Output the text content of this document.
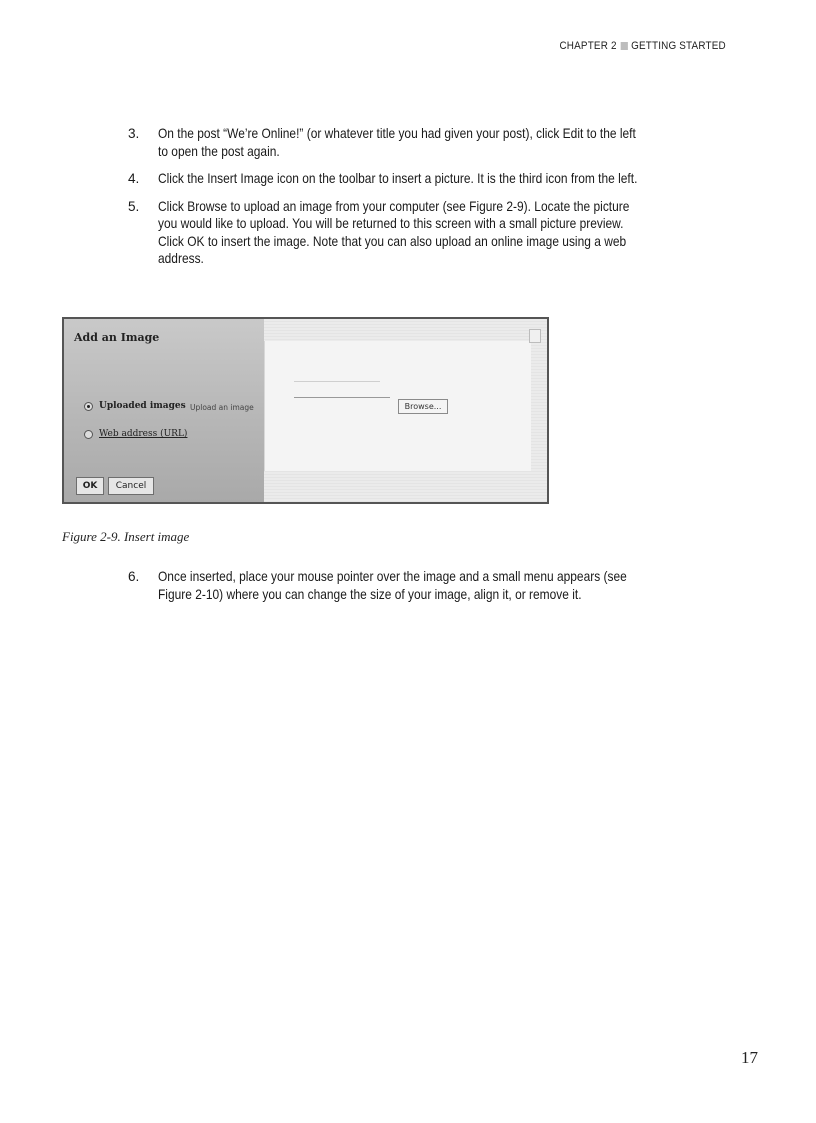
CHAPTER 2 GETTING STARTED
3.	On the post “We’re Online!” (or whatever title you had given your post), click Edit to the left to open the post again.
4.	Click the Insert Image icon on the toolbar to insert a picture. It is the third icon from the left.
5.	Click Browse to upload an image from your computer (see Figure 2-9). Locate the picture you would like to upload. You will be returned to this screen with a small picture preview. Click OK to insert the image. Note that you can also upload an online image using a web address.
Add an Image
Uploaded images Upload an image	Browse...
Web address (URL)
OK	Cancel
Figure 2-9. Insert image
6.	Once inserted, place your mouse pointer over the image and a small menu appears (see Figure 2-10) where you can change the size of your image, align it, or remove it.
17
